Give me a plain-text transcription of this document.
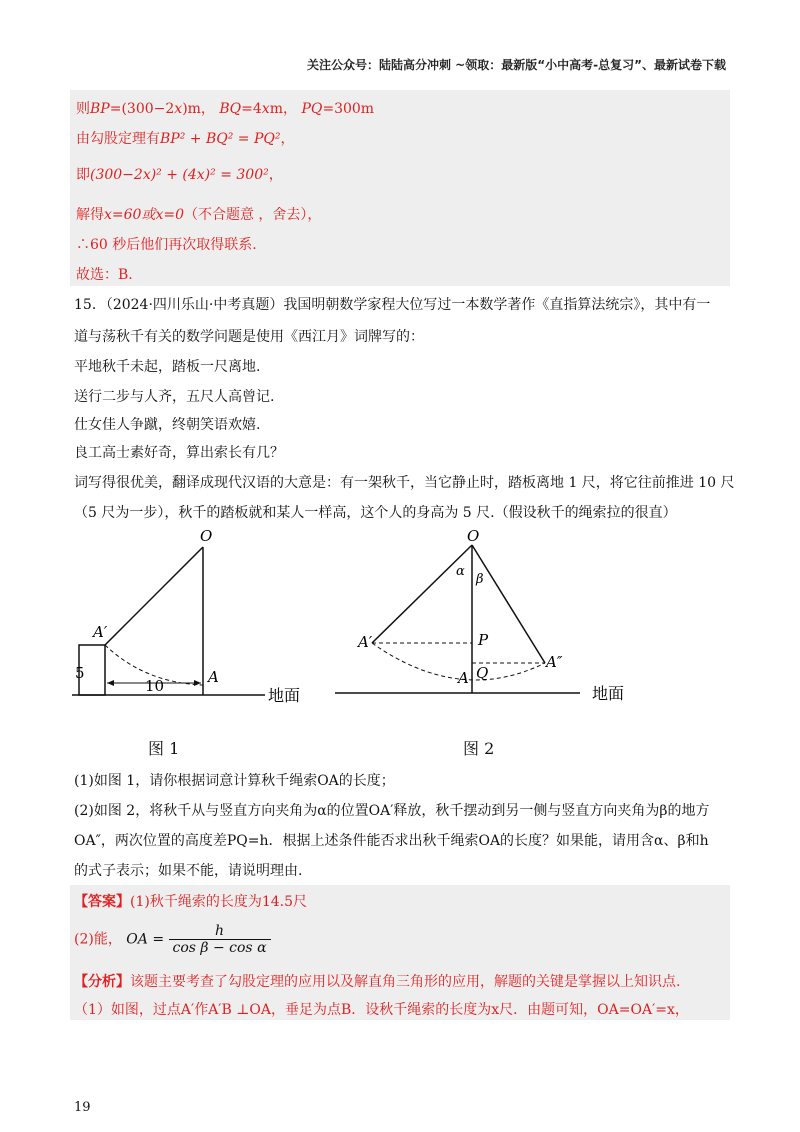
关注公众号：陆陆高分冲刺 ~领取：最新版“小中高考-总复习”、最新试卷下载
则BP=(300−2x)m， BQ=4xm， PQ=300m
由勾股定理有BP² + BQ² = PQ²，
即(300−2x)² + (4x)² = 300²，
解得x=60或x=0（不合题意 ，舍去），
∴60 秒后他们再次取得联系.
故选：B.
15．（2024·四川乐山·中考真题）我国明朝数学家程大位写过一本数学著作《直指算法统宗》，其中有一
道与荡秋千有关的数学问题是使用《西江月》词牌写的：
平地秋千未起，踏板一尺离地.
送行二步与人齐，五尺人高曾记.
仕女佳人争蹴，终朝笑语欢嬉.
良工高士素好奇，算出索长有几？
词写得很优美，翻译成现代汉语的大意是：有一架秋千，当它静止时，踏板离地 1 尺，将它往前推进 10 尺
（5 尺为一步），秋千的踏板就和某人一样高，这个人的身高为 5 尺.（假设秋千的绳索拉的很直）
O
A′
A
5
10	地面
图 1
O
α
β
A′	P
A″
A Q
地面
图 2
(1)如图 1，请你根据词意计算秋千绳索OA的长度；
(2)如图 2，将秋千从与竖直方向夹角为α的位置OA′释放，秋千摆动到另一侧与竖直方向夹角为β的地方
OA″，两次位置的高度差PQ=h．根据上述条件能否求出秋千绳索OA的长度？如果能，请用含α、β和h
的式子表示；如果不能，请说明理由.
【答案】(1)秋千绳索的长度为14.5尺
(2)能， OA = $\frac{h}{\text{cos β − cos α}}$
【分析】该题主要考查了勾股定理的应用以及解直角三角形的应用，解题的关键是掌握以上知识点.
（1）如图，过点A′作A′B ⊥OA，垂足为点B．设秋千绳索的长度为x尺．由题可知，OA=OA′=x，
19
